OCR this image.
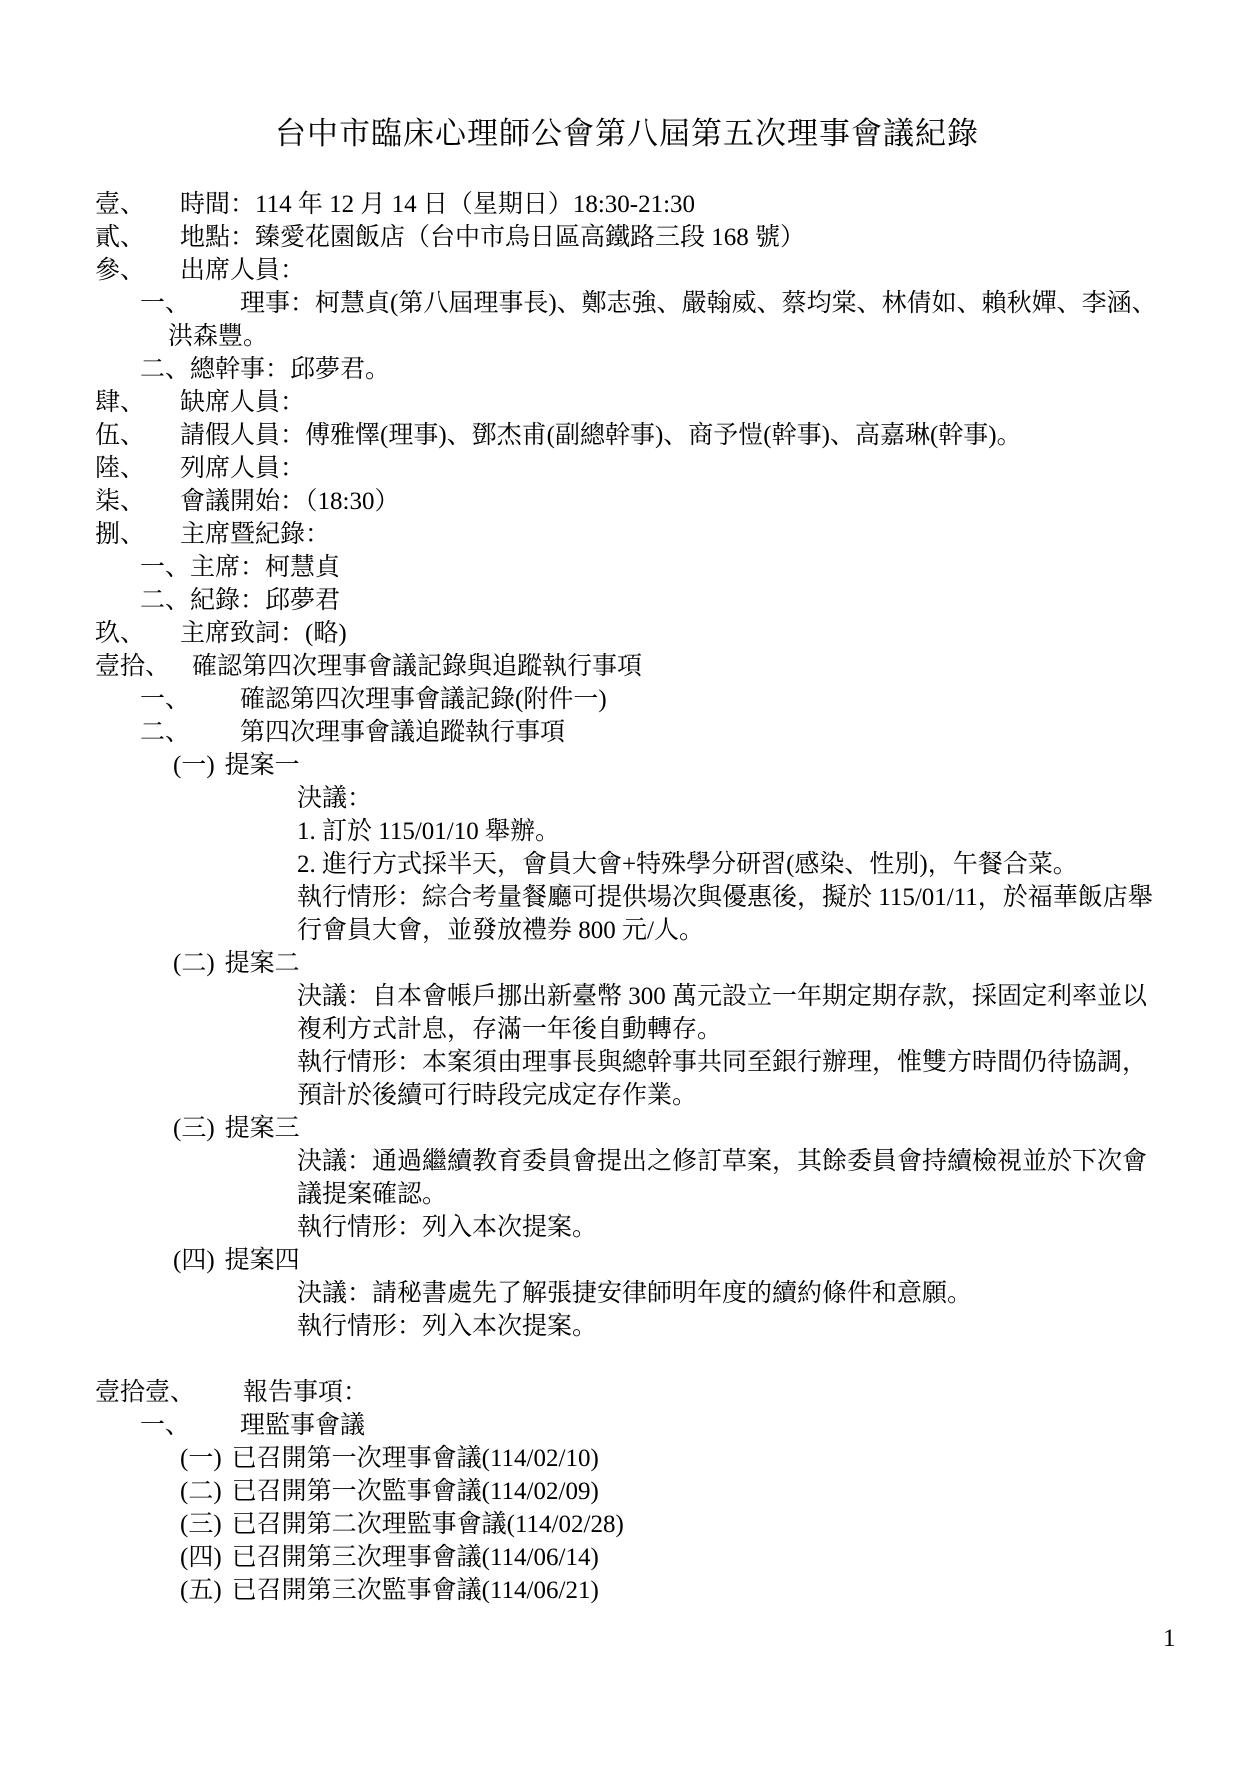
台中市臨床心理師公會第八屆第五次理事會議紀錄
壹、 時間：114 年 12 月 14 日（星期日）18:30-21:30
貳、 地點：臻愛花園飯店（台中市烏日區高鐵路三段 168 號）
參、 出席人員：
一、 理事：柯慧貞(第八屆理事長)、鄭志強、嚴翰威、蔡均棠、林倩如、賴秋嬋、李涵、
洪森豐。
二、總幹事：邱夢君。
肆、 缺席人員：
伍、 請假人員：傅雅懌(理事)、鄧杰甫(副總幹事)、商予愷(幹事)、高嘉琳(幹事)。
陸、 列席人員：
柒、 會議開始：（18:30）
捌、 主席暨紀錄：
一、主席：柯慧貞
二、紀錄：邱夢君
玖、 主席致詞：(略)
壹拾、 確認第四次理事會議記錄與追蹤執行事項
一、 確認第四次理事會議記錄(附件一)
二、 第四次理事會議追蹤執行事項
(一) 提案一
決議：
1. 訂於 115/01/10 舉辦。
2. 進行方式採半天，會員大會+特殊學分研習(感染、性別)，午餐合菜。
執行情形：綜合考量餐廳可提供場次與優惠後，擬於 115/01/11，於福華飯店舉
行會員大會，並發放禮券 800 元/人。
(二) 提案二
決議：自本會帳戶挪出新臺幣 300 萬元設立一年期定期存款，採固定利率並以
複利方式計息，存滿一年後自動轉存。
執行情形：本案須由理事長與總幹事共同至銀行辦理，惟雙方時間仍待協調，
預計於後續可行時段完成定存作業。
(三) 提案三
決議：通過繼續教育委員會提出之修訂草案，其餘委員會持續檢視並於下次會
議提案確認。
執行情形：列入本次提案。
(四) 提案四
決議：請秘書處先了解張捷安律師明年度的續約條件和意願。
執行情形：列入本次提案。
壹拾壹、 報告事項：
一、 理監事會議
(一) 已召開第一次理事會議(114/02/10)
(二) 已召開第一次監事會議(114/02/09)
(三) 已召開第二次理監事會議(114/02/28)
(四) 已召開第三次理事會議(114/06/14)
(五) 已召開第三次監事會議(114/06/21)
1
